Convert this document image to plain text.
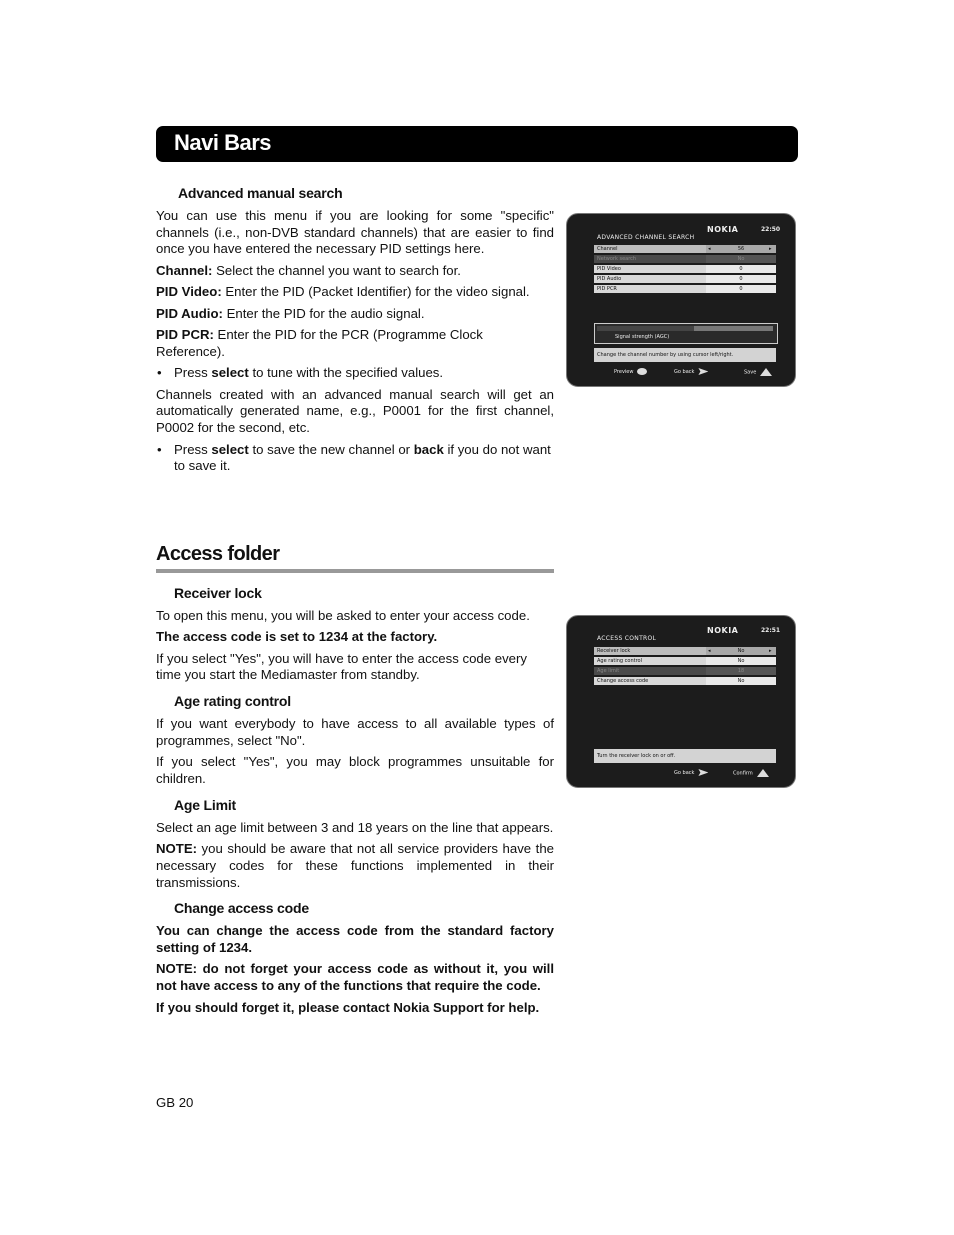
Navi Bars
Advanced manual search

You can use this menu if you are looking for some "specific" channels (i.e., non-DVB standard channels) that are easier to find once you have entered the necessary PID settings here.

Channel: Select the channel you want to search for.

PID Video: Enter the PID (Packet Identifier) for the video signal.

PID Audio: Enter the PID for the audio signal.

PID PCR: Enter the PID for the PCR (Programme Clock Reference).

• Press select to tune with the specified values.

Channels created with an advanced manual search will get an automatically generated name, e.g., P0001 for the first channel, P0002 for the second, etc.

• Press select to save the new channel or back if you do not want to save it.

ADVANCED CHANNEL SEARCH
NOKIA	22:50
Channel	56
◂	▸
Network search	No
PID Video	0
PID Audio	0
PID PCR	0
Signal strength (AGC)
Change the channel number by using cursor left/right.
Preview	Go back	Save
Access folder
Receiver lock

To open this menu, you will be asked to enter your access code.

The access code is set to 1234 at the factory.

If you select "Yes", you will have to enter the access code every time you start the Mediamaster from standby.

Age rating control

If you want everybody to have access to all available types of programmes, select "No".

If you select "Yes", you may block programmes unsuitable for children.

Age Limit

Select an age limit between 3 and 18 years on the line that appears.

NOTE: you should be aware that not all service providers have the necessary codes for these functions implemented in their transmissions.

Change access code

You can change the access code from the standard factory setting of 1234.

NOTE: do not forget your access code as without it, you will not have access to any of the functions that require the code.

If you should forget it, please contact Nokia Support for help.

ACCESS CONTROL
NOKIA	22:51
Receiver lock	No
◂	▸
Age rating control	No
Age limit	18
Change access code	No
Turn the receiver lock on or off.
Go back	Confirm
GB 20
